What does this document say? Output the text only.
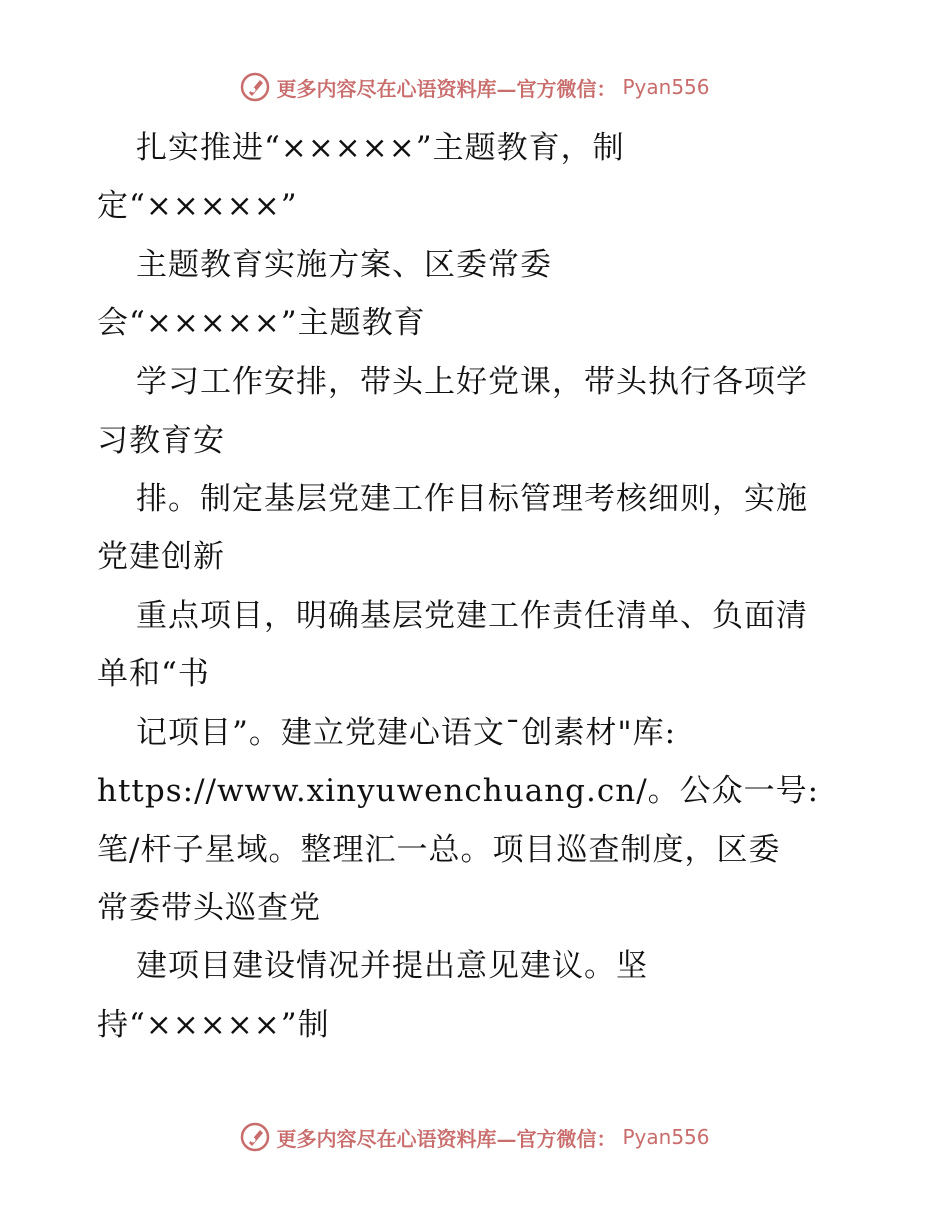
更多内容尽在心语资料库—官方微信： Pyan556
扎实推进“×××××”主题教育，制
定“×××××”
主题教育实施方案、区委常委
会“×××××”主题教育
学习工作安排，带头上好党课，带头执行各项学
习教育安
排。制定基层党建工作目标管理考核细则，实施
党建创新
重点项目，明确基层党建工作责任清单、负面清
单和“书
记项目”。建立党建心语文¯创素材"库:
https://www.xinyuwenchuang.cn/。公众一号:
笔/杆子星域。整理汇一总。项目巡查制度，区委
常委带头巡查党
建项目建设情况并提出意见建议。坚
持“×××××”制
更多内容尽在心语资料库—官方微信： Pyan556
